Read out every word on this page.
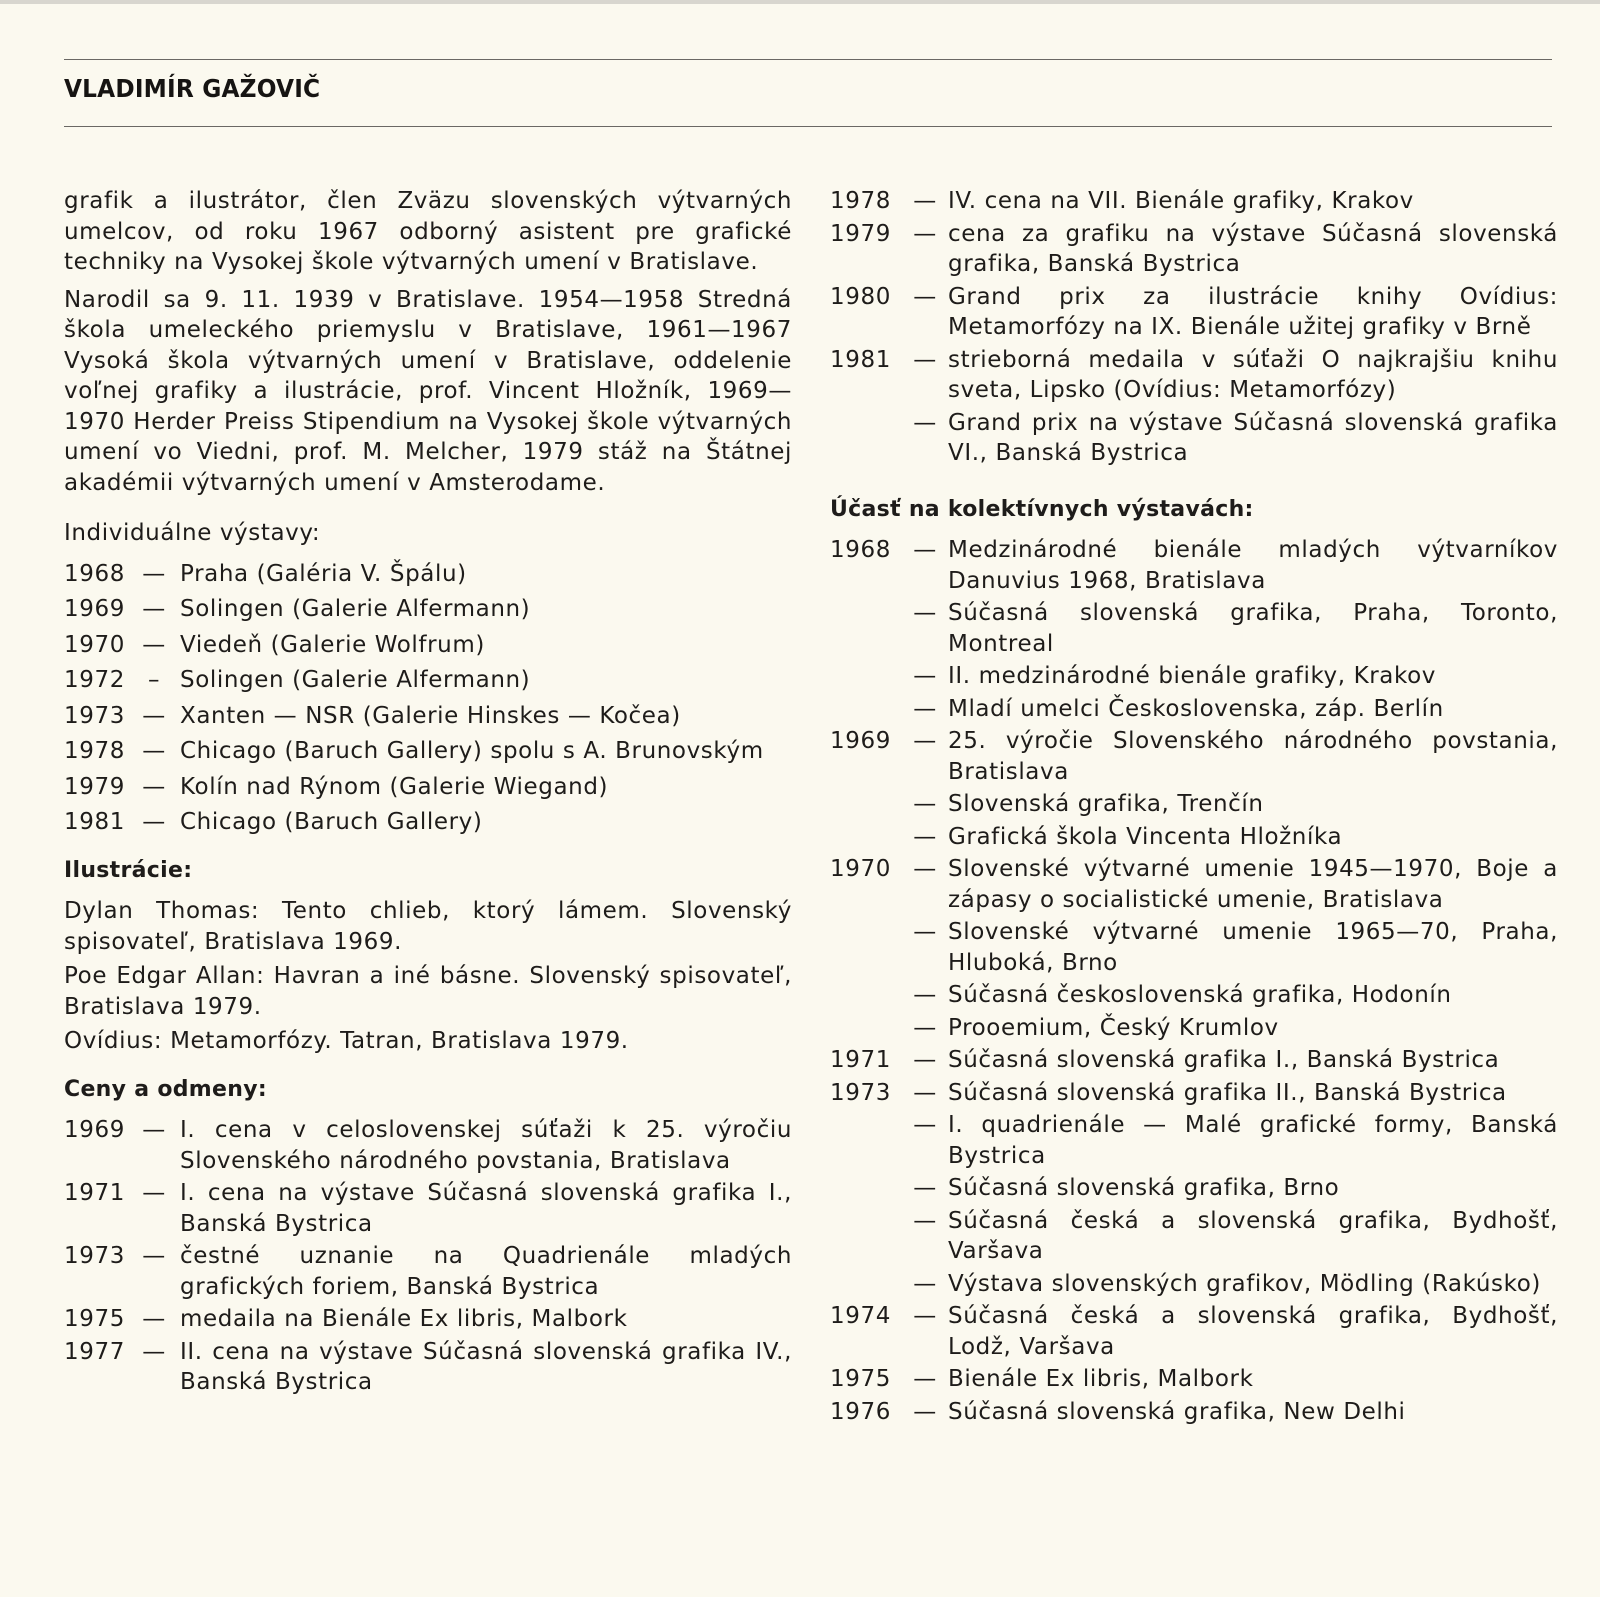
VLADIMÍR GAŽOVIČ

grafik a ilustrátor, člen Zväzu slovenských výtvarných umelcov, od roku 1967 odborný asistent pre grafické techniky na Vysokej škole výtvarných umení v Bratislave.

Narodil sa 9. 11. 1939 v Bratislave. 1954—1958 Stredná škola umeleckého priemyslu v Bratislave, 1961—1967 Vysoká škola výtvarných umení v Bratislave, oddelenie voľnej grafiky a ilustrácie, prof. Vincent Hložník, 1969—1970 Herder Preiss Stipendium na Vysokej škole výtvarných umení vo Viedni, prof. M. Melcher, 1979 stáž na Štátnej akadémii výtvarných umení v Amsterodame.

Individuálne výstavy:
1968 — Praha (Galéria V. Špálu)
1969 — Solingen (Galerie Alfermann)
1970 — Viedeň (Galerie Wolfrum)
1972	– Solingen (Galerie Alfermann)
1973 — Xanten — NSR (Galerie Hinskes — Kočea)
1978 — Chicago (Baruch Gallery) spolu s A. Brunovským
1979 — Kolín nad Rýnom (Galerie Wiegand)
1981 — Chicago (Baruch Gallery)
Ilustrácie:

Dylan Thomas: Tento chlieb, ktorý lámem. Slovenský spisovateľ, Bratislava 1969.

Poe Edgar Allan: Havran a iné básne. Slovenský spisovateľ, Bratislava 1979.

Ovídius: Metamorfózy. Tatran, Bratislava 1979.

Ceny a odmeny:
1969 — I. cena v celoslovenskej súťaži k 25. výročiu Slovenského národného povstania, Bratislava
1971 — I. cena na výstave Súčasná slovenská grafika I., Banská Bystrica
1973 — čestné uznanie na Quadrienále mladých grafických foriem, Banská Bystrica
1975 — medaila na Bienále Ex libris, Malbork
1977 — II. cena na výstave Súčasná slovenská grafika IV., Banská Bystrica
1978 — IV. cena na VII. Bienále grafiky, Krakov
1979 — cena za grafiku na výstave Súčasná slovenská grafika, Banská Bystrica
1980 — Grand prix za ilustrácie knihy Ovídius: Metamorfózy na IX. Bienále užitej grafiky v Brně
1981 — strieborná medaila v súťaži O najkrajšiu knihu sveta, Lipsko (Ovídius: Metamorfózy)
— Grand prix na výstave Súčasná slovenská grafika VI., Banská Bystrica
Účasť na kolektívnych výstavách:
1968 — Medzinárodné bienále mladých výtvarníkov Danuvius 1968, Bratislava
— Súčasná slovenská grafika, Praha, Toronto, Montreal
— II. medzinárodné bienále grafiky, Krakov
— Mladí umelci Československa, záp. Berlín
1969 — 25. výročie Slovenského národného povstania, Bratislava
— Slovenská grafika, Trenčín
— Grafická škola Vincenta Hložníka
1970 — Slovenské výtvarné umenie 1945—1970, Boje a zápasy o socialistické umenie, Bratislava
— Slovenské výtvarné umenie 1965—70, Praha, Hluboká, Brno
— Súčasná československá grafika, Hodonín
— Prooemium, Český Krumlov
1971 — Súčasná slovenská grafika I., Banská Bystrica
1973 — Súčasná slovenská grafika II., Banská Bystrica
— I. quadrienále — Malé grafické formy, Banská Bystrica
— Súčasná slovenská grafika, Brno
— Súčasná česká a slovenská grafika, Bydhošť, Varšava
— Výstava slovenských grafikov, Mödling (Rakúsko)
1974 — Súčasná česká a slovenská grafika, Bydhošť, Lodž, Varšava
1975 — Bienále Ex libris, Malbork
1976 — Súčasná slovenská grafika, New Delhi
